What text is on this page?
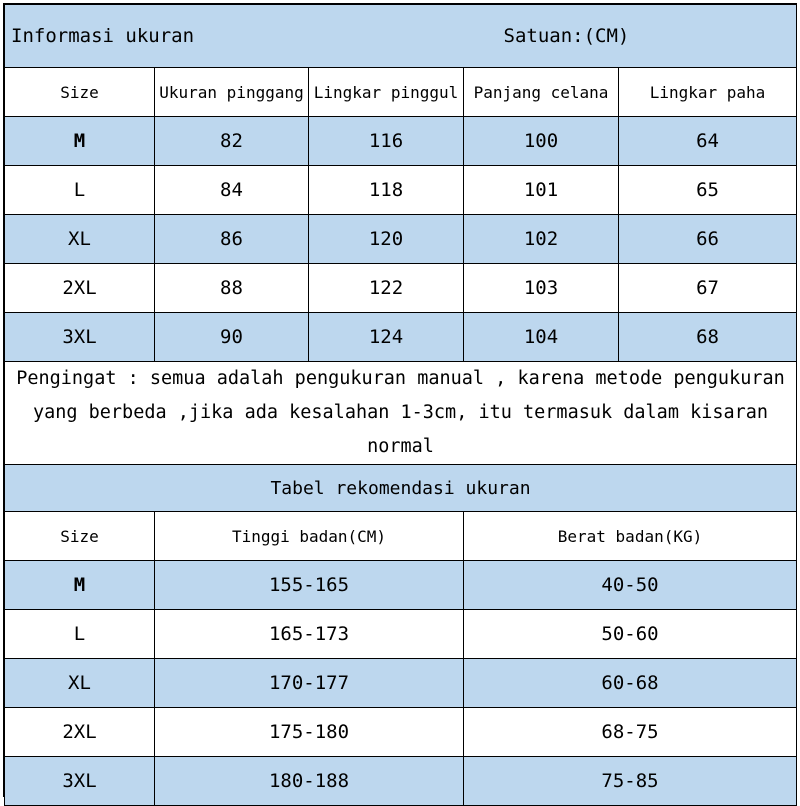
Informasi ukuran			Satuan:(CM)	
Size	Ukuran pinggang	Lingkar pinggul	Panjang celana	Lingkar paha
M	82	116	100	64
L	84	118	101	65
XL	86	120	102	66
2XL	88	122	103	67
3XL	90	124	104	68

Pengingat : semua adalah pengukuran manual , karena metode pengukuran
yang berbeda ,jika ada kesalahan 1-3cm, itu termasuk dalam kisaran normal				
Tabel rekomendasi ukuran		
Size	Tinggi badan(CM)	Berat badan(KG)
M	155-165	40-50
L	165-173	50-60
XL	170-177	60-68
2XL	175-180	68-75
3XL	180-188	75-85
